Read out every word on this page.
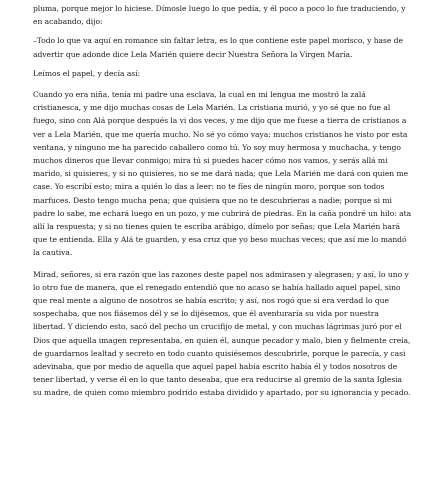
pluma, porque mejor lo hiciese. Dímosle luego lo que pedía, y él poco a poco lo fue traduciendo, y en acabando, dijo:

–Todo lo que va aquí en romance sin faltar letra, es lo que contiene este papel morisco, y hase de advertir que adonde dice Lela Marién quiere decir Nuestra Señora la Virgen María.

Leímos el papel, y decía así:

Cuando yo era niña, tenía mi padre una esclava, la cual en mi lengua me mostró la zalá cristianesca, y me dijo muchas cosas de Lela Marién. La cristiana murió, y yo sé que no fue al fuego, sino con Alá porque después la vi dos veces, y me dijo que me fuese a tierra de cristianos a ver a Lela Marién, que me quería mucho. No sé yo cómo vaya: muchos cristianos he visto por esta ventana, y ninguno me ha parecido caballero como tú. Yo soy muy hermosa y muchacha, y tengo muchos dineros que llevar conmigo; mira tú si puedes hacer cómo nos vamos, y serás allá mi marido, si quisieres, y si no quisieres, no se me dará nada; que Lela Marién me dará con quien me case. Yo escribí esto; mira a quién lo das a leer: no te fíes de ningún moro, porque son todos marfuces. Desto tengo mucha pena; que quisiera que no te descubrieras a nadie; porque si mi padre lo sabe, me echará luego en un pozo, y me cubrirá de piedras. En la caña pondré un hilo: ata allí la respuesta; y si no tienes quien te escriba arábigo, dímelo por señas; que Lela Marién hará que te entienda. Ella y Alá te guarden, y esa cruz que yo beso muchas veces; que así me lo mandó la cautiva.

Mirad, señores, si era razón que las razones deste papel nos admirasen y alegrasen; y así, lo uno y lo otro fue de manera, que el renegado entendió que no acaso se había hallado aquel papel, sino que real mente a alguno de nosotros se había escrito; y así, nos rogó que si era verdad lo que sospechaba, que nos fiásemos dél y se lo dijésemos, que él aventuraría su vida por nuestra libertad. Y diciendo esto, sacó del pecho un crucifijo de metal, y con muchas lágrimas juró por el Dios que aquella imagen representaba, en quien él, aunque pecador y malo, bien y fielmente creía, de guardarnos lealtad y secreto en todo cuanto quisiésemos descubrirle, porque le parecía, y casi adevinaba, que por medio de aquella que aquel papel había escrito había él y todos nosotros de tener libertad, y verse él en lo que tanto deseaba, que era reducirse al gremio de la santa Iglesia su madre, de quien como miembro podrido estaba dividido y apartado, por su ignorancia y pecado.
